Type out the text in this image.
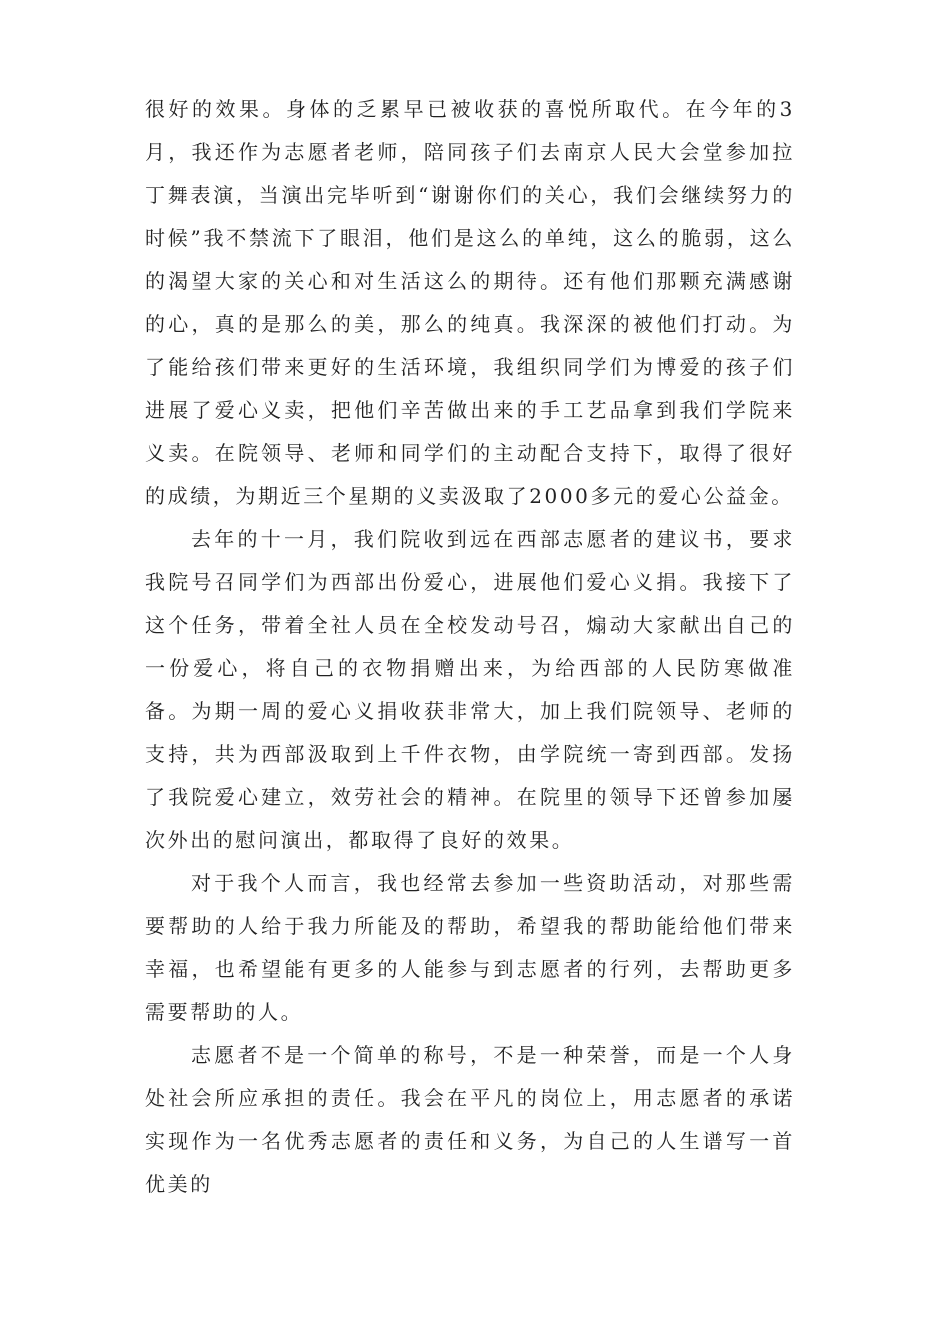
很好的效果。身体的乏累早已被收获的喜悦所取代。在今年的3月，我还作为志愿者老师，陪同孩子们去南京人民大会堂参加拉丁舞表演，当演出完毕听到“谢谢你们的关心，我们会继续努力的时候”我不禁流下了眼泪，他们是这么的单纯，这么的脆弱，这么的渴望大家的关心和对生活这么的期待。还有他们那颗充满感谢的心，真的是那么的美，那么的纯真。我深深的被他们打动。为了能给孩们带来更好的生活环境，我组织同学们为博爱的孩子们进展了爱心义卖，把他们辛苦做出来的手工艺品拿到我们学院来义卖。在院领导、老师和同学们的主动配合支持下，取得了很好的成绩，为期近三个星期的义卖汲取了2000多元的爱心公益金。

去年的十一月，我们院收到远在西部志愿者的建议书，要求我院号召同学们为西部出份爱心，进展他们爱心义捐。我接下了这个任务，带着全社人员在全校发动号召，煽动大家献出自己的一份爱心，将自己的衣物捐赠出来，为给西部的人民防寒做准备。为期一周的爱心义捐收获非常大，加上我们院领导、老师的支持，共为西部汲取到上千件衣物，由学院统一寄到西部。发扬了我院爱心建立，效劳社会的精神。在院里的领导下还曾参加屡次外出的慰问演出，都取得了良好的效果。

对于我个人而言，我也经常去参加一些资助活动，对那些需要帮助的人给于我力所能及的帮助，希望我的帮助能给他们带来幸福，也希望能有更多的人能参与到志愿者的行列，去帮助更多需要帮助的人。

志愿者不是一个简单的称号，不是一种荣誉，而是一个人身处社会所应承担的责任。我会在平凡的岗位上，用志愿者的承诺实现作为一名优秀志愿者的责任和义务，为自己的人生谱写一首优美的
